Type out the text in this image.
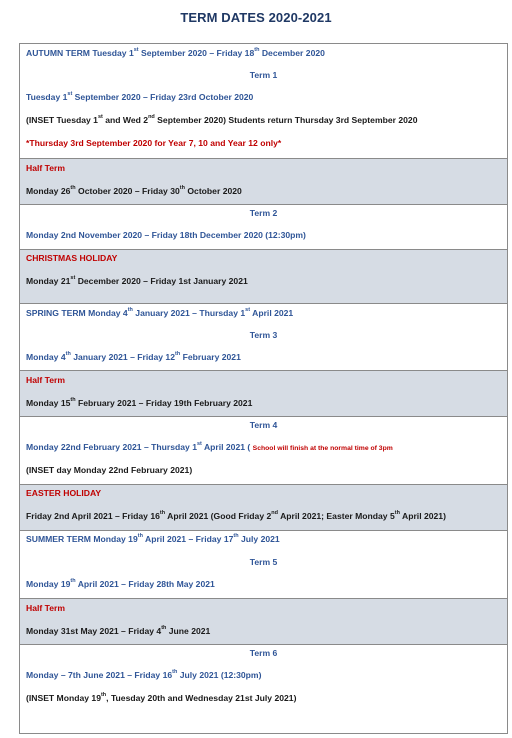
TERM DATES 2020-2021
AUTUMN TERM Tuesday 1st September 2020 – Friday 18th December 2020
Term 1
Tuesday 1st September 2020 – Friday 23rd October 2020
(INSET Tuesday 1st and Wed 2nd September 2020) Students return Thursday 3rd September 2020
*Thursday 3rd September 2020 for Year 7, 10 and Year 12 only*
Half Term
Monday 26th October 2020 – Friday 30th October 2020
Term 2
Monday 2nd November 2020 – Friday 18th December 2020 (12:30pm)
CHRISTMAS HOLIDAY
Monday 21st December 2020 – Friday 1st January 2021
SPRING TERM Monday 4th January 2021 – Thursday 1st April 2021
Term 3
Monday 4th January 2021 – Friday 12th February 2021
Half Term
Monday 15th February 2021 – Friday 19th February 2021
Term 4
Monday 22nd February 2021 – Thursday 1st April 2021 ( School will finish at the normal time of 3pm
(INSET day Monday 22nd February 2021)
EASTER HOLIDAY
Friday 2nd April 2021 – Friday 16th April 2021 (Good Friday 2nd April 2021; Easter Monday 5th April 2021)
SUMMER TERM Monday 19th April 2021 – Friday 17th July 2021
Term 5
Monday 19th April 2021 – Friday 28th May 2021
Half Term
Monday 31st May 2021 – Friday 4th June 2021
Term 6
Monday – 7th June 2021 – Friday 16th July 2021 (12:30pm)
(INSET Monday 19th, Tuesday 20th and Wednesday 21st July 2021)
